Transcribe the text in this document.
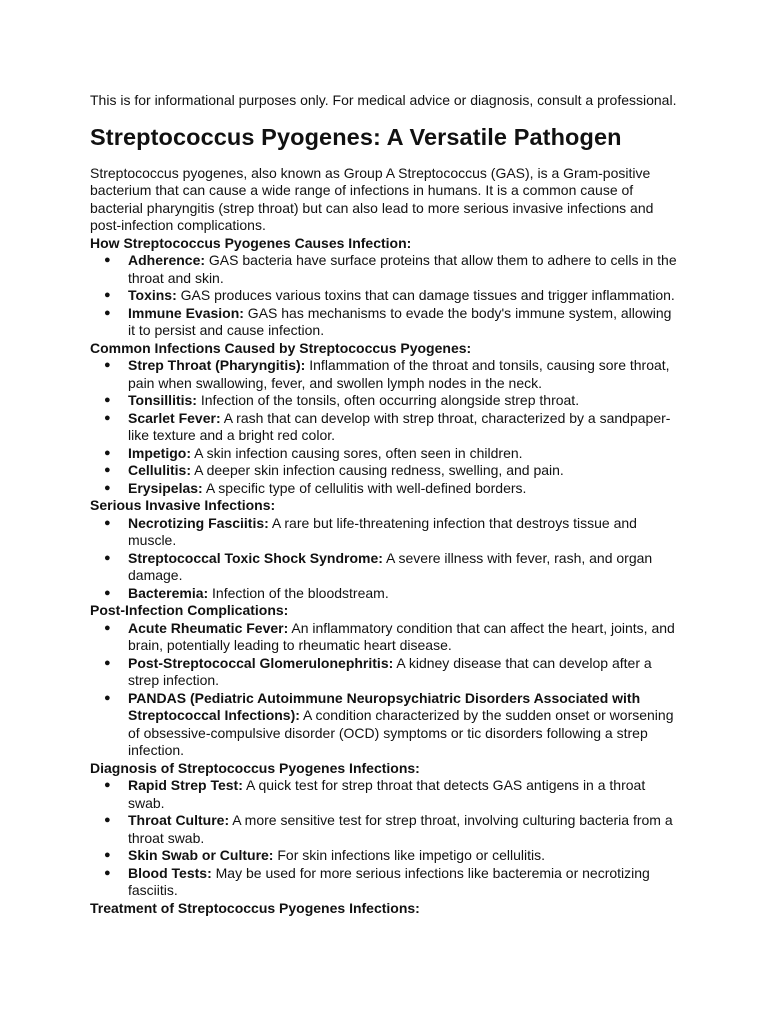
This is for informational purposes only. For medical advice or diagnosis, consult a professional.

Streptococcus Pyogenes: A Versatile Pathogen

Streptococcus pyogenes, also known as Group A Streptococcus (GAS), is a Gram-positive bacterium that can cause a wide range of infections in humans. It is a common cause of bacterial pharyngitis (strep throat) but can also lead to more serious invasive infections and post-infection complications.

How Streptococcus Pyogenes Causes Infection:
● Adherence: GAS bacteria have surface proteins that allow them to adhere to cells in the throat and skin.
● Toxins: GAS produces various toxins that can damage tissues and trigger inflammation.
● Immune Evasion: GAS has mechanisms to evade the body's immune system, allowing it to persist and cause infection.
Common Infections Caused by Streptococcus Pyogenes:
● Strep Throat (Pharyngitis): Inflammation of the throat and tonsils, causing sore throat, pain when swallowing, fever, and swollen lymph nodes in the neck.
● Tonsillitis: Infection of the tonsils, often occurring alongside strep throat.
● Scarlet Fever: A rash that can develop with strep throat, characterized by a sandpaper-like texture and a bright red color.
● Impetigo: A skin infection causing sores, often seen in children.
● Cellulitis: A deeper skin infection causing redness, swelling, and pain.
● Erysipelas: A specific type of cellulitis with well-defined borders.
Serious Invasive Infections:
● Necrotizing Fasciitis: A rare but life-threatening infection that destroys tissue and muscle.
● Streptococcal Toxic Shock Syndrome: A severe illness with fever, rash, and organ damage.
● Bacteremia: Infection of the bloodstream.
Post-Infection Complications:
● Acute Rheumatic Fever: An inflammatory condition that can affect the heart, joints, and brain, potentially leading to rheumatic heart disease.
● Post-Streptococcal Glomerulonephritis: A kidney disease that can develop after a strep infection.
● PANDAS (Pediatric Autoimmune Neuropsychiatric Disorders Associated with Streptococcal Infections): A condition characterized by the sudden onset or worsening of obsessive-compulsive disorder (OCD) symptoms or tic disorders following a strep infection.
Diagnosis of Streptococcus Pyogenes Infections:
● Rapid Strep Test: A quick test for strep throat that detects GAS antigens in a throat swab.
● Throat Culture: A more sensitive test for strep throat, involving culturing bacteria from a throat swab.
● Skin Swab or Culture: For skin infections like impetigo or cellulitis.
● Blood Tests: May be used for more serious infections like bacteremia or necrotizing fasciitis.
Treatment of Streptococcus Pyogenes Infections:
